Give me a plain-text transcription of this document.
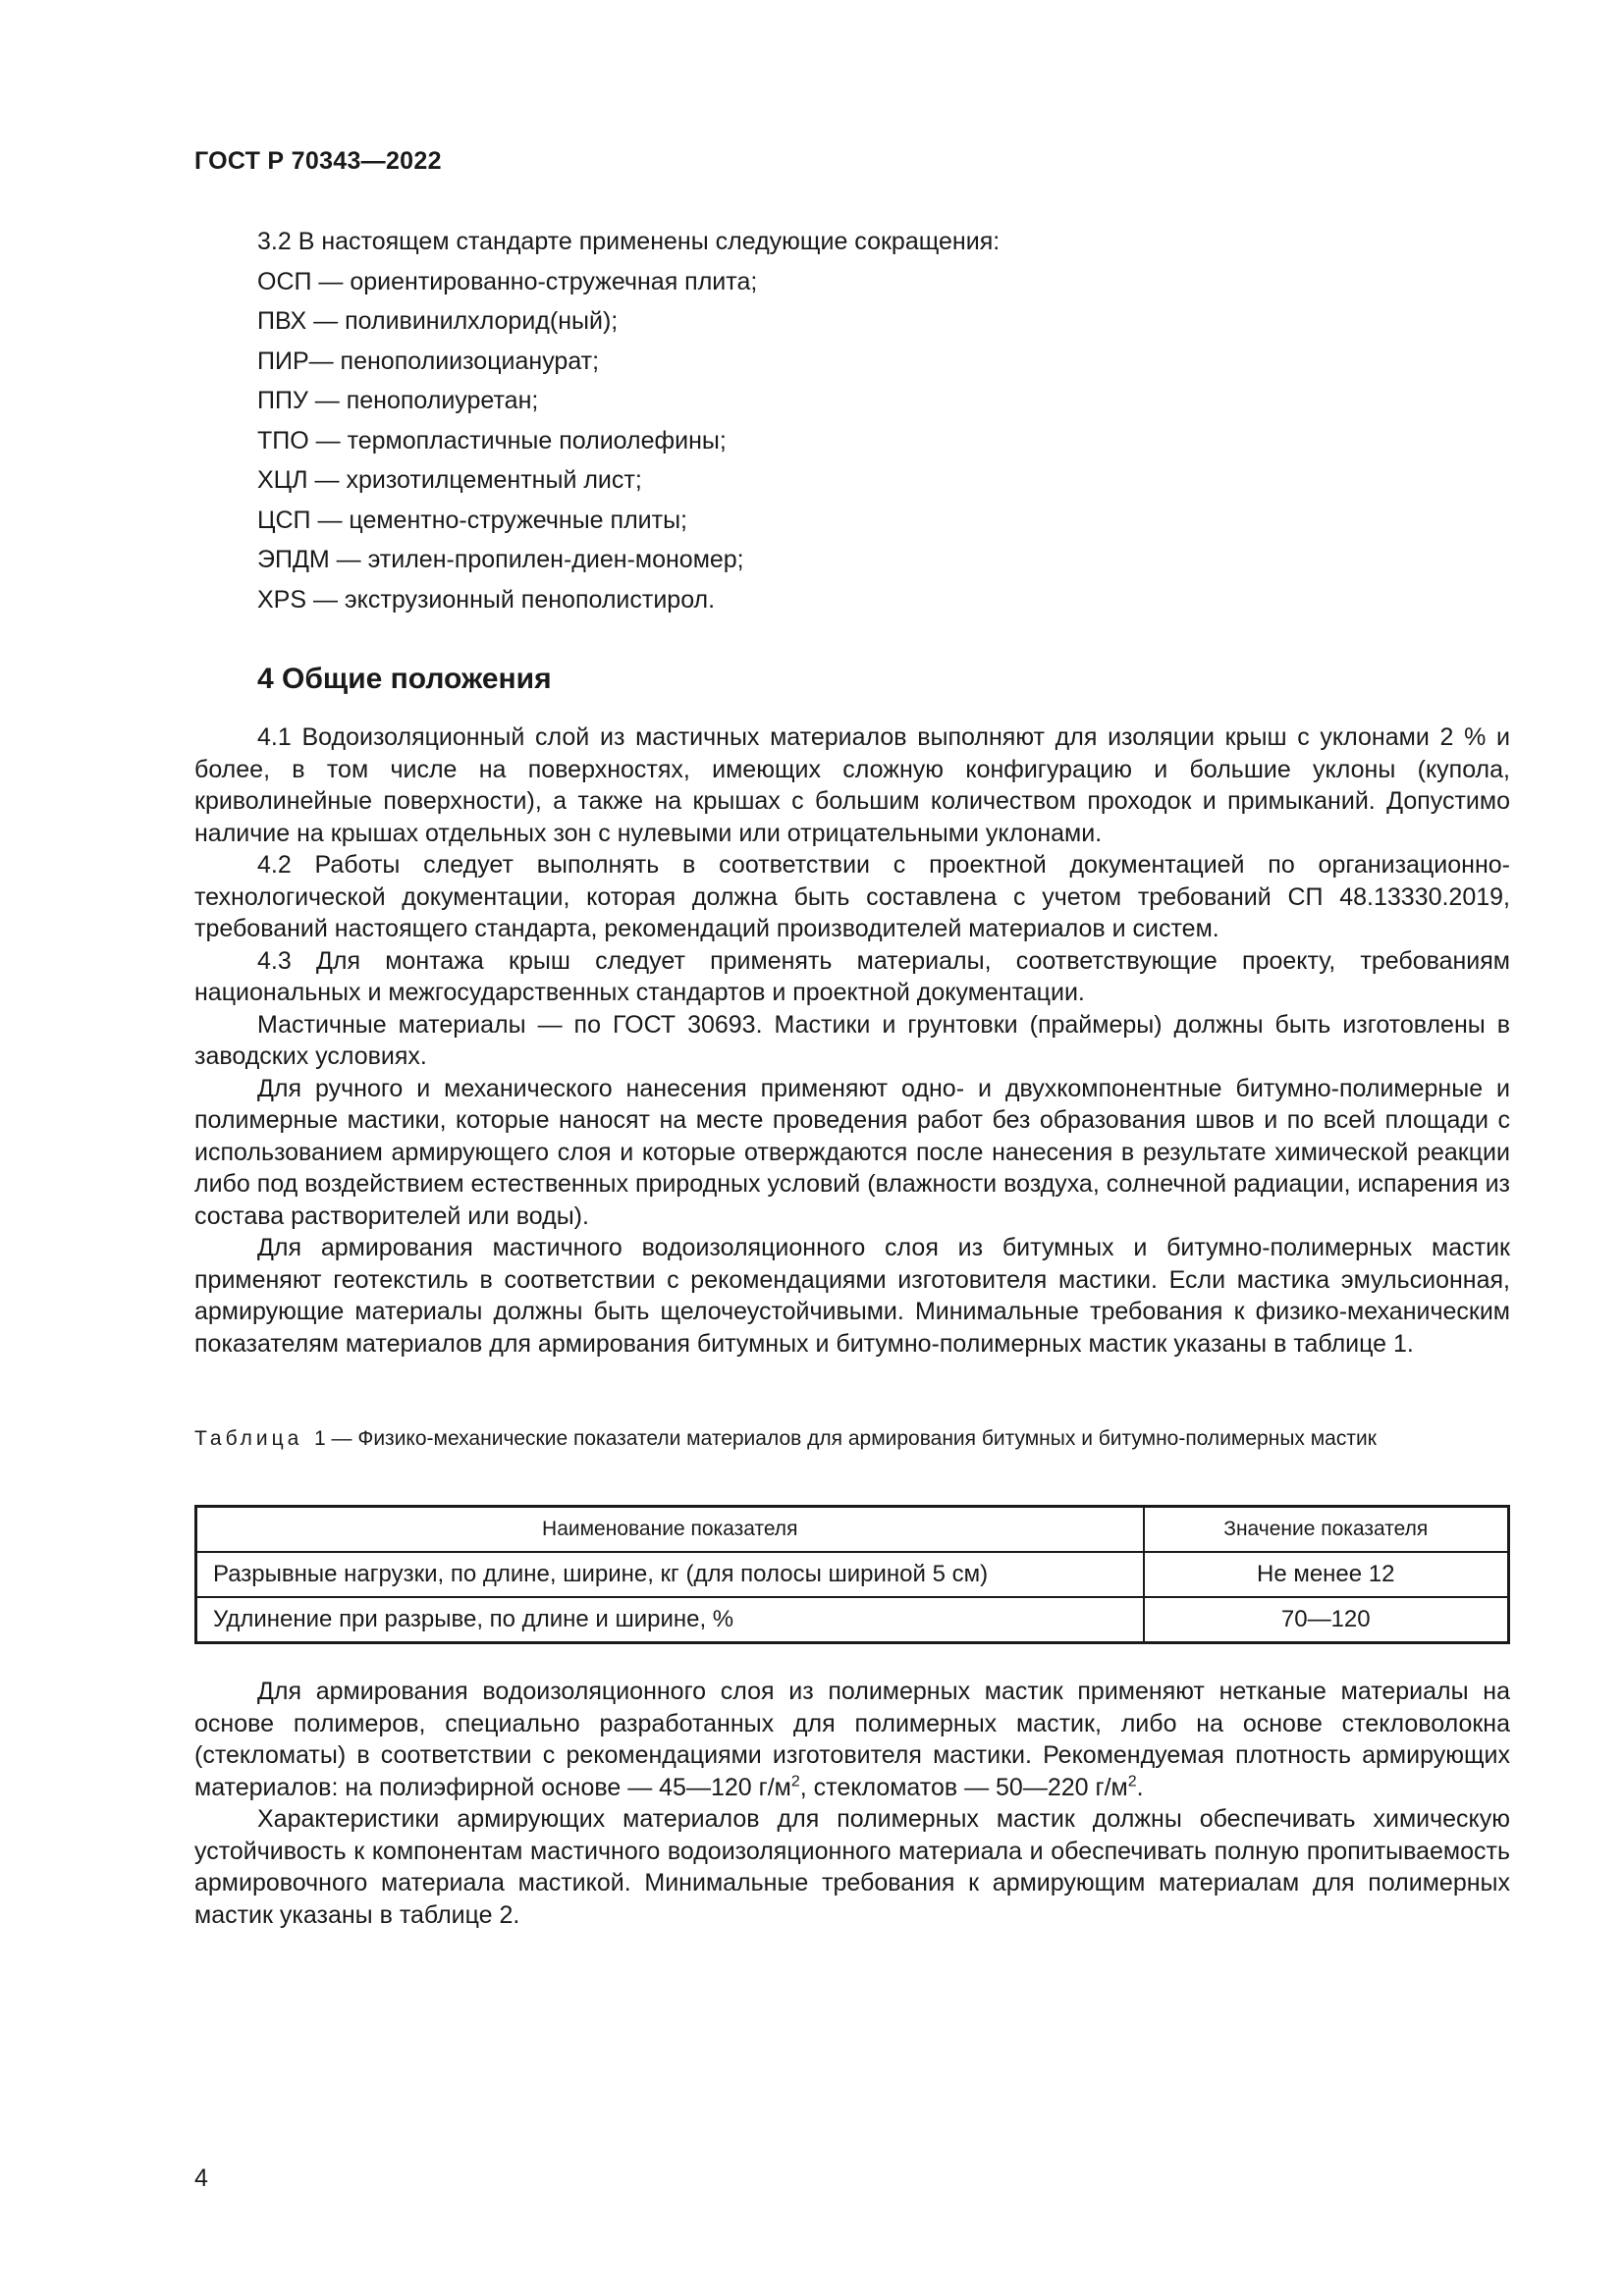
ГОСТ Р 70343—2022

3.2 В настоящем стандарте применены следующие сокращения:

ОСП — ориентированно-стружечная плита;

ПВХ — поливинилхлорид(ный);

ПИР— пенополиизоцианурат;

ППУ — пенополиуретан;

ТПО — термопластичные полиолефины;

ХЦЛ — хризотилцементный лист;

ЦСП — цементно-стружечные плиты;

ЭПДМ — этилен-пропилен-диен-мономер;

XPS — экструзионный пенополистирол.

4 Общие положения

4.1 Водоизоляционный слой из мастичных материалов выполняют для изоляции крыш с уклонами 2 % и более, в том числе на поверхностях, имеющих сложную конфигурацию и большие уклоны (купола, криволинейные поверхности), а также на крышах с большим количеством проходок и примыканий. Допустимо наличие на крышах отдельных зон с нулевыми или отрицательными уклонами.

4.2 Работы следует выполнять в соответствии с проектной документацией по организационно-технологической документации, которая должна быть составлена с учетом требований СП 48.13330.2019, требований настоящего стандарта, рекомендаций производителей материалов и систем.

4.3 Для монтажа крыш следует применять материалы, соответствующие проекту, требованиям национальных и межгосударственных стандартов и проектной документации.

Мастичные материалы — по ГОСТ 30693. Мастики и грунтовки (праймеры) должны быть изготовлены в заводских условиях.

Для ручного и механического нанесения применяют одно- и двухкомпонентные битумно-полимерные и полимерные мастики, которые наносят на месте проведения работ без образования швов и по всей площади с использованием армирующего слоя и которые отверждаются после нанесения в результате химической реакции либо под воздействием естественных природных условий (влажности воздуха, солнечной радиации, испарения из состава растворителей или воды).

Для армирования мастичного водоизоляционного слоя из битумных и битумно-полимерных мастик применяют геотекстиль в соответствии с рекомендациями изготовителя мастики. Если мастика эмульсионная, армирующие материалы должны быть щелочеустойчивыми. Минимальные требования к физико-механическим показателям материалов для армирования битумных и битумно-полимерных мастик указаны в таблице 1.

Таблица 1 — Физико-механические показатели материалов для армирования битумных и битумно-полимерных мастик

Наименование показателя	Значение показателя
Разрывные нагрузки, по длине, ширине, кг (для полосы шириной 5 см)	Не менее 12
Удлинение при разрыве, по длине и ширине, %	70—120

Для армирования водоизоляционного слоя из полимерных мастик применяют нетканые материалы на основе полимеров, специально разработанных для полимерных мастик, либо на основе стекловолокна (стекломаты) в соответствии с рекомендациями изготовителя мастики. Рекомендуемая плотность армирующих материалов: на полиэфирной основе — 45—120 $г/м^2$, стекломатов — 50—220 $г/м^2$.

Характеристики армирующих материалов для полимерных мастик должны обеспечивать химическую устойчивость к компонентам мастичного водоизоляционного материала и обеспечивать полную пропитываемость армировочного материала мастикой. Минимальные требования к армирующим материалам для полимерных мастик указаны в таблице 2.

4
